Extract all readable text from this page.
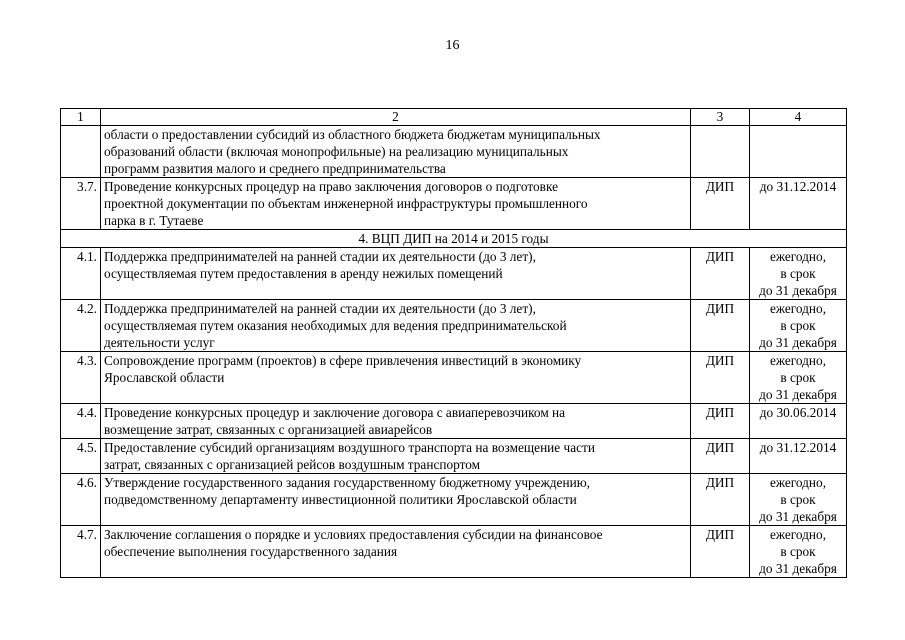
16
1	2	3	4

	области о предоставлении субсидий из областного бюджета бюджетам муниципальных
образований области (включая монопрофильные) на реализацию муниципальных
программ развития малого и среднего предпринимательства		

3.7.	Проведение конкурсных процедур на право заключения договоров о подготовке
проектной документации по объектам инженерной инфраструктуры промышленного
парка в г. Тутаеве	ДИП	до 31.12.2014
4. ВЦП ДИП на 2014 и 2015 годы			
4.1.	Поддержка предпринимателей на ранней стадии их деятельности (до 3 лет),
осуществляемая путем предоставления в аренду нежилых помещений	ДИП	ежегодно,
в срок
до 31 декабря

4.2.	Поддержка предпринимателей на ранней стадии их деятельности (до 3 лет),
осуществляемая путем оказания необходимых для ведения предпринимательской
деятельности услуг	ДИП	ежегодно,
в срок
до 31 декабря

4.3.	Сопровождение программ (проектов) в сфере привлечения инвестиций в экономику
Ярославской области	ДИП	ежегодно,
в срок
до 31 декабря

4.4.	Проведение конкурсных процедур и заключение договора с авиаперевозчиком на
возмещение затрат, связанных с организацией авиарейсов	ДИП	до 30.06.2014

4.5.	Предоставление субсидий организациям воздушного транспорта на возмещение части
затрат, связанных с организацией рейсов воздушным транспортом	ДИП	до 31.12.2014

4.6.	Утверждение государственного задания государственному бюджетному учреждению,
подведомственному департаменту инвестиционной политики Ярославской области	ДИП	ежегодно,
в срок
до 31 декабря

4.7.	Заключение соглашения о порядке и условиях предоставления субсидии на финансовое
обеспечение выполнения государственного задания	ДИП	ежегодно,
в срок
до 31 декабря
